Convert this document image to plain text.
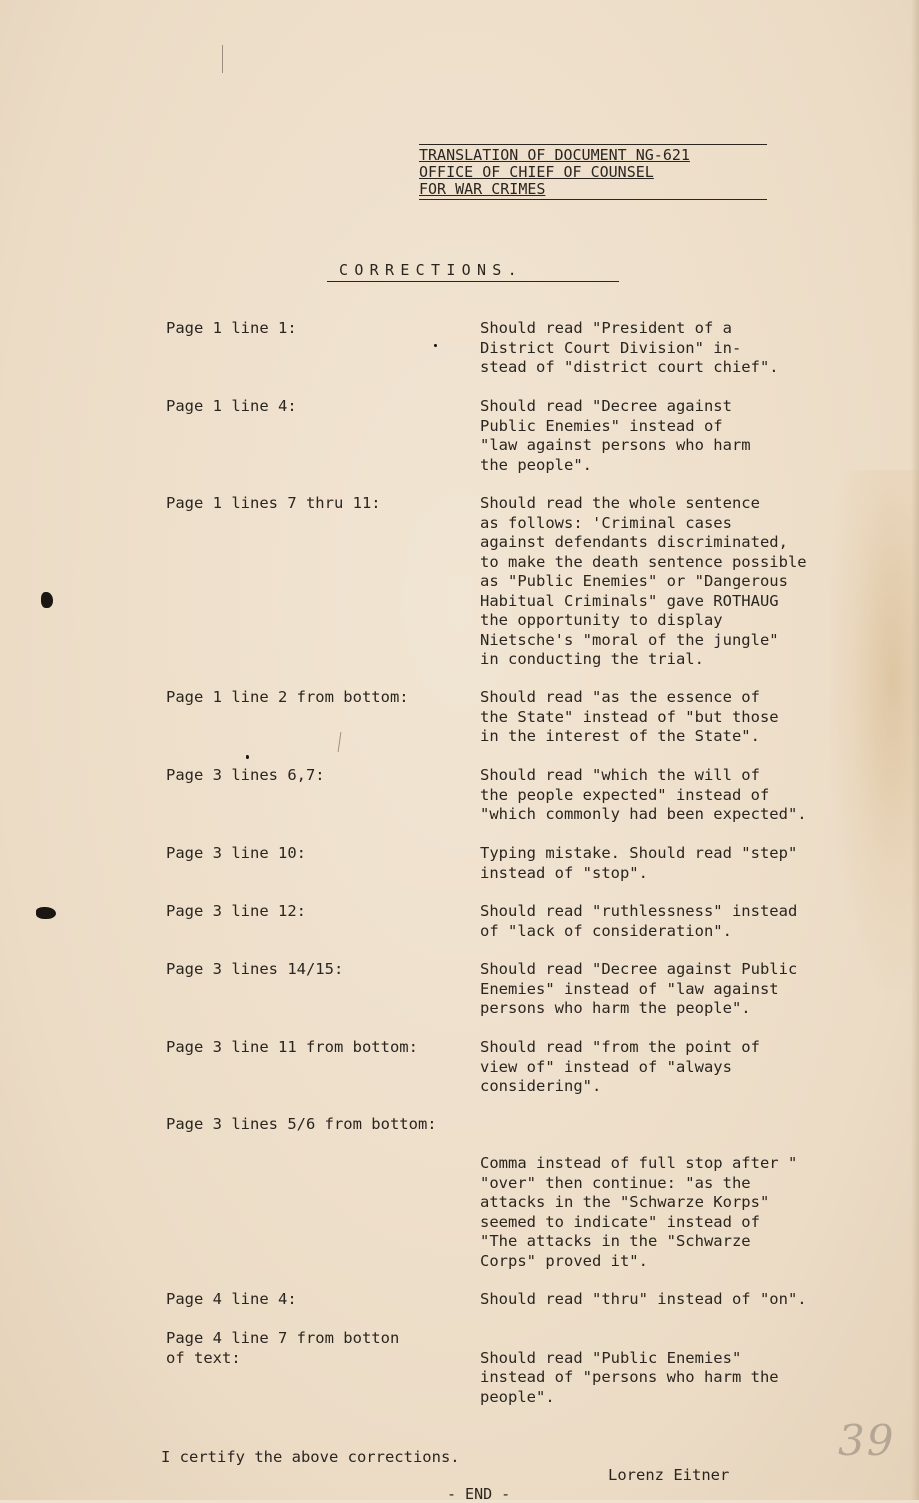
TRANSLATION OF DOCUMENT NG-621
OFFICE OF CHIEF OF COUNSEL
FOR WAR CRIMES
CORRECTIONS.
Page 1 line 1:	Should read "President of a
District Court Division" in-
stead of "district court chief".
Page 1 line 4:	Should read "Decree against
Public Enemies" instead of
"law against persons who harm
the people".
Page 1 lines 7 thru 11:	Should read the whole sentence
as follows: 'Criminal cases
against defendants discriminated,
to make the death sentence possible
as "Public Enemies" or "Dangerous
Habitual Criminals" gave ROTHAUG
the opportunity to display
Nietsche's "moral of the jungle"
in conducting the trial.
Page 1 line 2 from bottom:	Should read "as the essence of
the State" instead of "but those
in the interest of the State".
Page 3 lines 6,7:	Should read "which the will of
the people expected" instead of
"which commonly had been expected".
Page 3 line 10:	Typing mistake. Should read "step"
instead of "stop".
Page 3 line 12:	Should read "ruthlessness" instead
of "lack of consideration".
Page 3 lines 14/15:	Should read "Decree against Public
Enemies" instead of "law against
persons who harm the people".
Page 3 line 11 from bottom:	Should read "from the point of
view of" instead of "always
considering".
Page 3 lines 5/6 from bottom:
Comma instead of full stop after "
"over" then continue: "as the
attacks in the "Schwarze Korps"
seemed to indicate" instead of
"The attacks in the "Schwarze
Corps" proved it".
Page 4 line 4:	Should read "thru" instead of "on".
Page 4 line 7 from botton
of text:	
Should read "Public Enemies"
instead of "persons who harm the
people".
I certify the above corrections.
Lorenz Eitner
- END -
39
